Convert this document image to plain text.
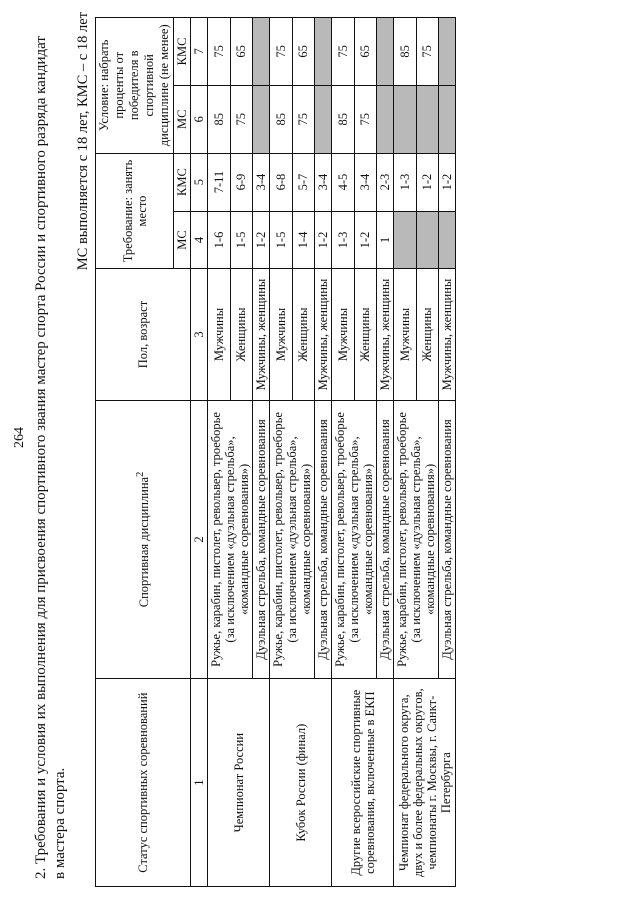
264 2. Требования и условия их выполнения для присвоения спортивного звания мастер спорта России и спортивного разряда кандидат в мастера спорта.
МС выполняется с 18 лет, КМС – с 18 лет
Статус спортивных соревнований	Спортивная дисциплина$^2$	Пол, возраст	Требование: занять место		Условие: набрать проценты от победителя в спортивной дисциплине (не менее)	
			МС	КМС	МС	КМС
1	2	3	4	5	6	7
Чемпионат России	Ружье, карабин, пистолет, револьвер, троеборье (за исключением «дуэльная стрельба», «командные соревнования»)	Мужчины	1-6	7-11	85	75
		Женщины	1-5	6-9	75	65
	Дуэльная стрельба, командные соревнования	Мужчины, женщины	1-2	3-4		
Кубок России (финал)	Ружье, карабин, пистолет, револьвер, троеборье (за исключением «дуэльная стрельба», «командные соревнования»)	Мужчины	1-5	6-8	85	75
		Женщины	1-4	5-7	75	65
	Дуэльная стрельба, командные соревнования	Мужчины, женщины	1-2	3-4		
Другие всероссийские спортивные соревнования, включенные в ЕКП	Ружье, карабин, пистолет, револьвер, троеборье (за исключением «дуэльная стрельба», «командные соревнования»)	Мужчины	1-3	4-5	85	75
		Женщины	1-2	3-4	75	65
	Дуэльная стрельба, командные соревнования	Мужчины, женщины	1	2-3		
Чемпионат федерального округа, двух и более федеральных округов, чемпионаты г. Москвы, г. Санкт-Петербурга	Ружье, карабин, пистолет, револьвер, троеборье (за исключением «дуэльная стрельба», «командные соревнования»)	Мужчины		1-3		85
		Женщины		1-2		75
	Дуэльная стрельба, командные соревнования	Мужчины, женщины		1-2		
